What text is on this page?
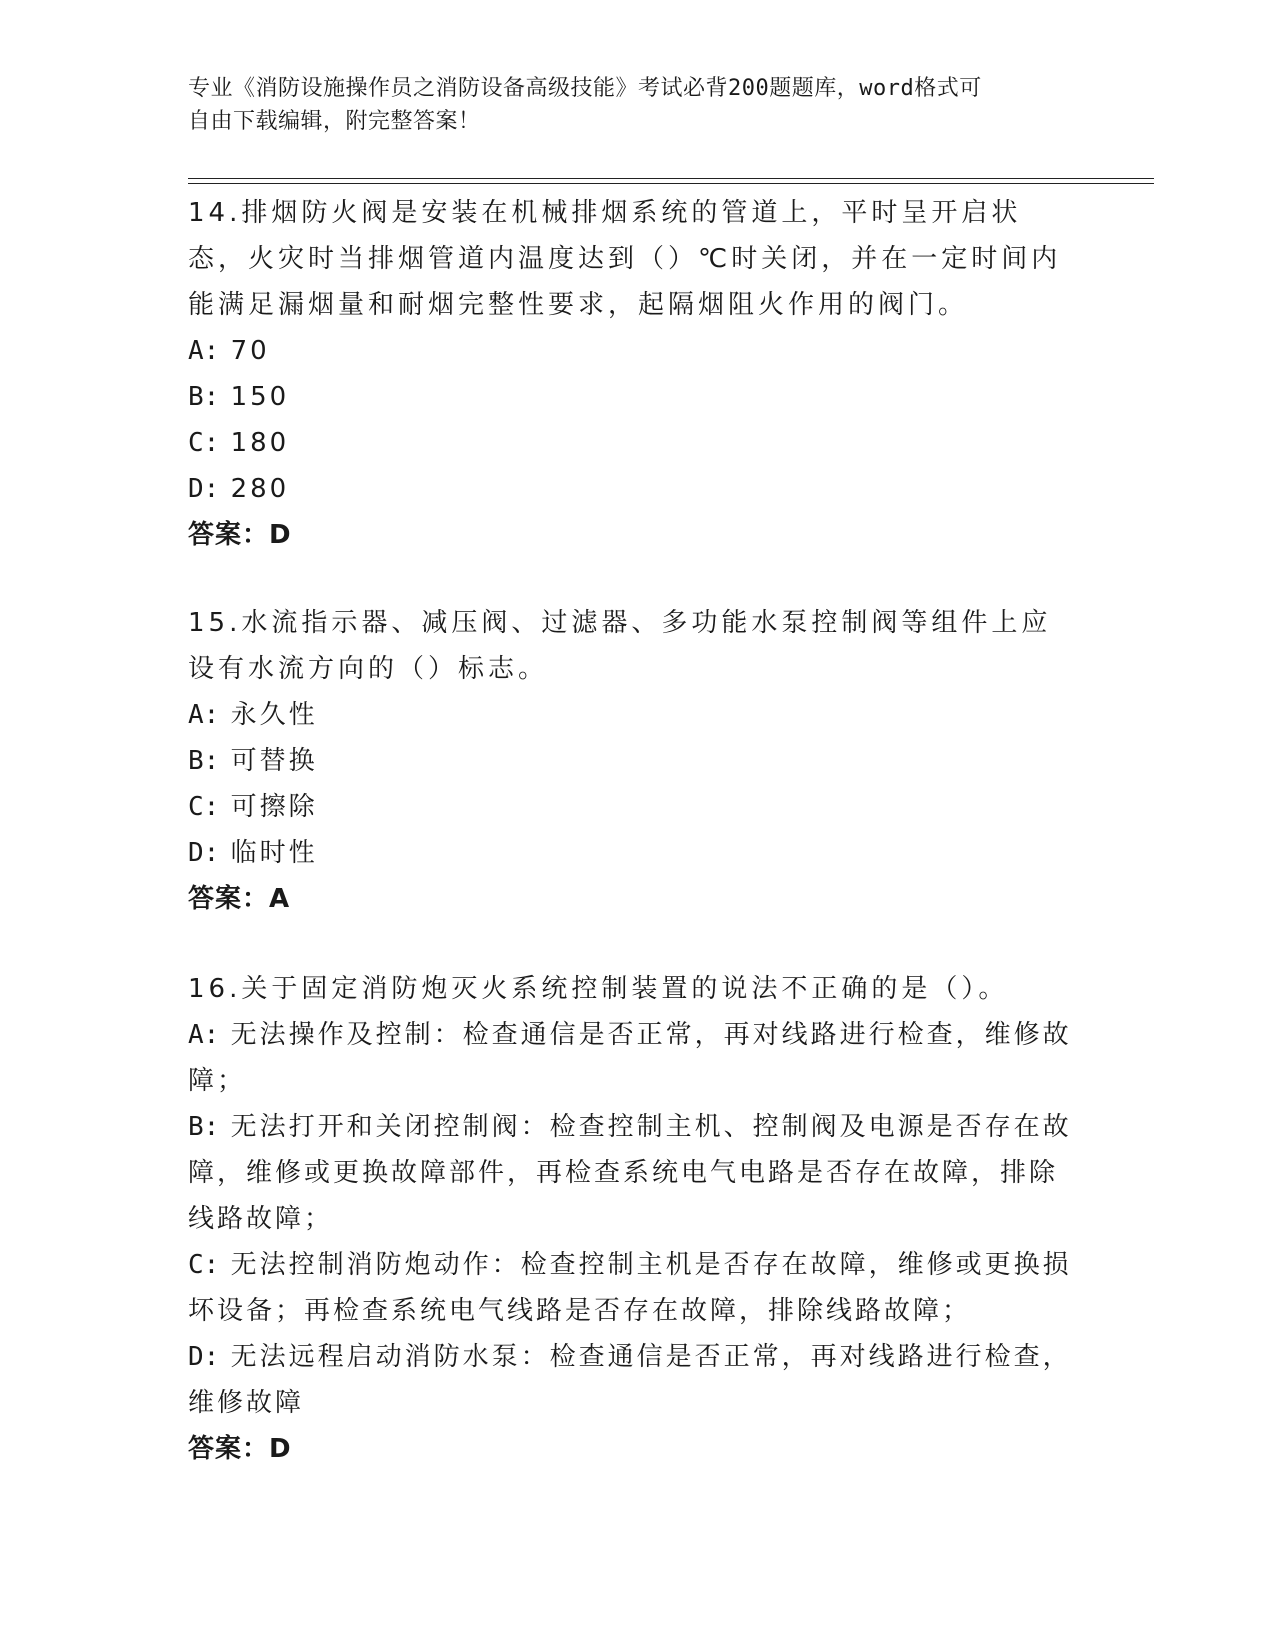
专业《消防设施操作员之消防设备高级技能》考试必背200题题库，word格式可
自由下载编辑，附完整答案！

14.排烟防火阀是安装在机械排烟系统的管道上，平时呈开启状态，火灾时当排烟管道内温度达到（）℃时关闭，并在一定时间内能满足漏烟量和耐烟完整性要求，起隔烟阻火作用的阀门。

A: 70

B: 150

C: 180

D: 280

答案：D

15.水流指示器、减压阀、过滤器、多功能水泵控制阀等组件上应设有水流方向的（）标志。

A: 永久性

B: 可替换

C: 可擦除

D: 临时性

答案：A

16.关于固定消防炮灭火系统控制装置的说法不正确的是（）。

A: 无法操作及控制：检查通信是否正常，再对线路进行检查，维修故障；

B: 无法打开和关闭控制阀：检查控制主机、控制阀及电源是否存在故障，维修或更换故障部件，再检查系统电气电路是否存在故障，排除线路故障；

C: 无法控制消防炮动作：检查控制主机是否存在故障，维修或更换损坏设备；再检查系统电气线路是否存在故障，排除线路故障；

D: 无法远程启动消防水泵：检查通信是否正常，再对线路进行检查，维修故障

答案：D
